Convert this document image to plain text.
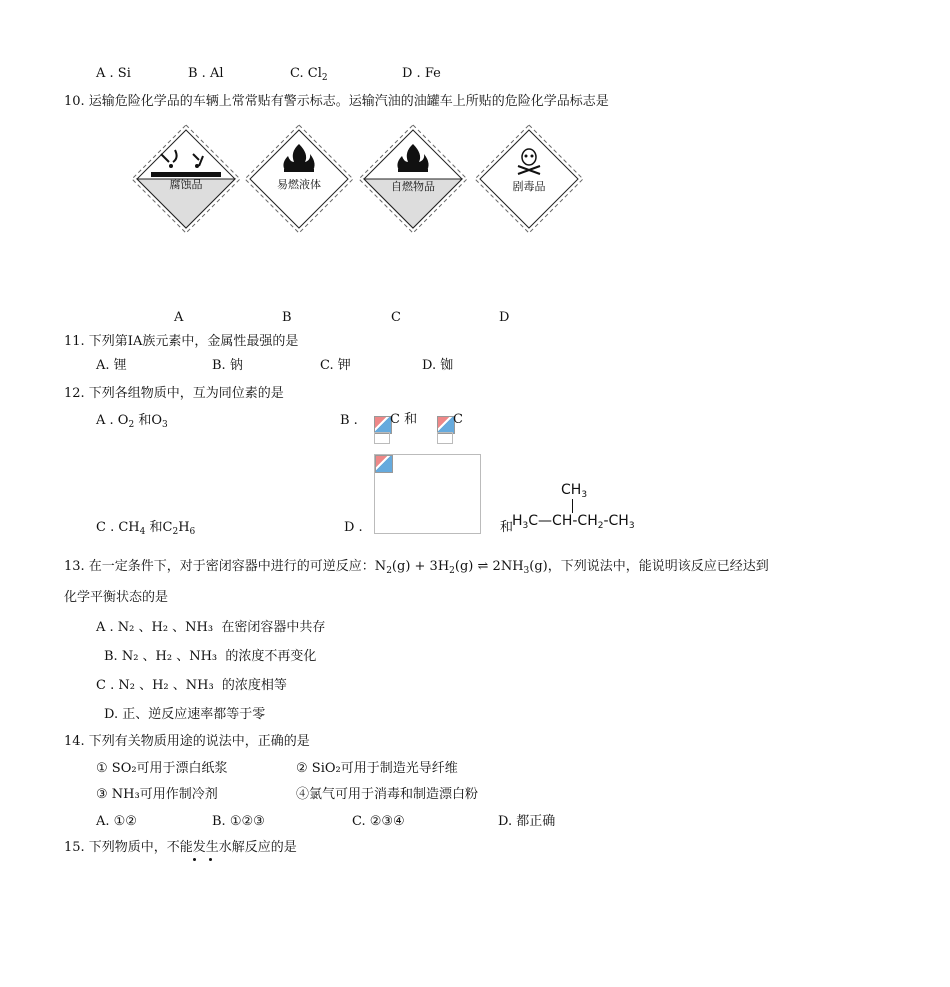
A . Si	B . Al	C. $Cl_2$	D . Fe
10. 运输危险化学品的车辆上常常贴有警示标志。运输汽油的油罐车上所贴的危险化学品标志是
腐蚀品	易燃液体	自燃物品	剧毒品
A	B	C	D
11. 下列第ⅠA族元素中，金属性最强的是
A. 锂	B. 钠	C. 钾	D. 铷
12. 下列各组物质中，互为同位素的是
A . $O_2$ 和$O_3$	B . C 和	C
C . $CH_4$ 和$C_2H_6$	D .	和
$CH_3$
$H_3C—CH-CH_2-CH_3$
13. 在一定条件下，对于密闭容器中进行的可逆反应：$N_2(g) + 3H_2(g)$ ⇌ $2NH_3(g)$，下列说法中，能说明该反应已经达到
化学平衡状态的是
A . N₂ 、H₂ 、NH₃  在密闭容器中共存
B. N₂ 、H₂ 、NH₃  的浓度不再变化
C . N₂ 、H₂ 、NH₃  的浓度相等
D. 正、逆反应速率都等于零
14. 下列有关物质用途的说法中，正确的是
① SO₂可用于漂白纸浆	② SiO₂可用于制造光导纤维
③ NH₃可用作制冷剂	④氯气可用于消毒和制造漂白粉
A. ①②	B. ①②③	C. ②③④	D. 都正确
15. 下列物质中，不能发生水解反应的是
